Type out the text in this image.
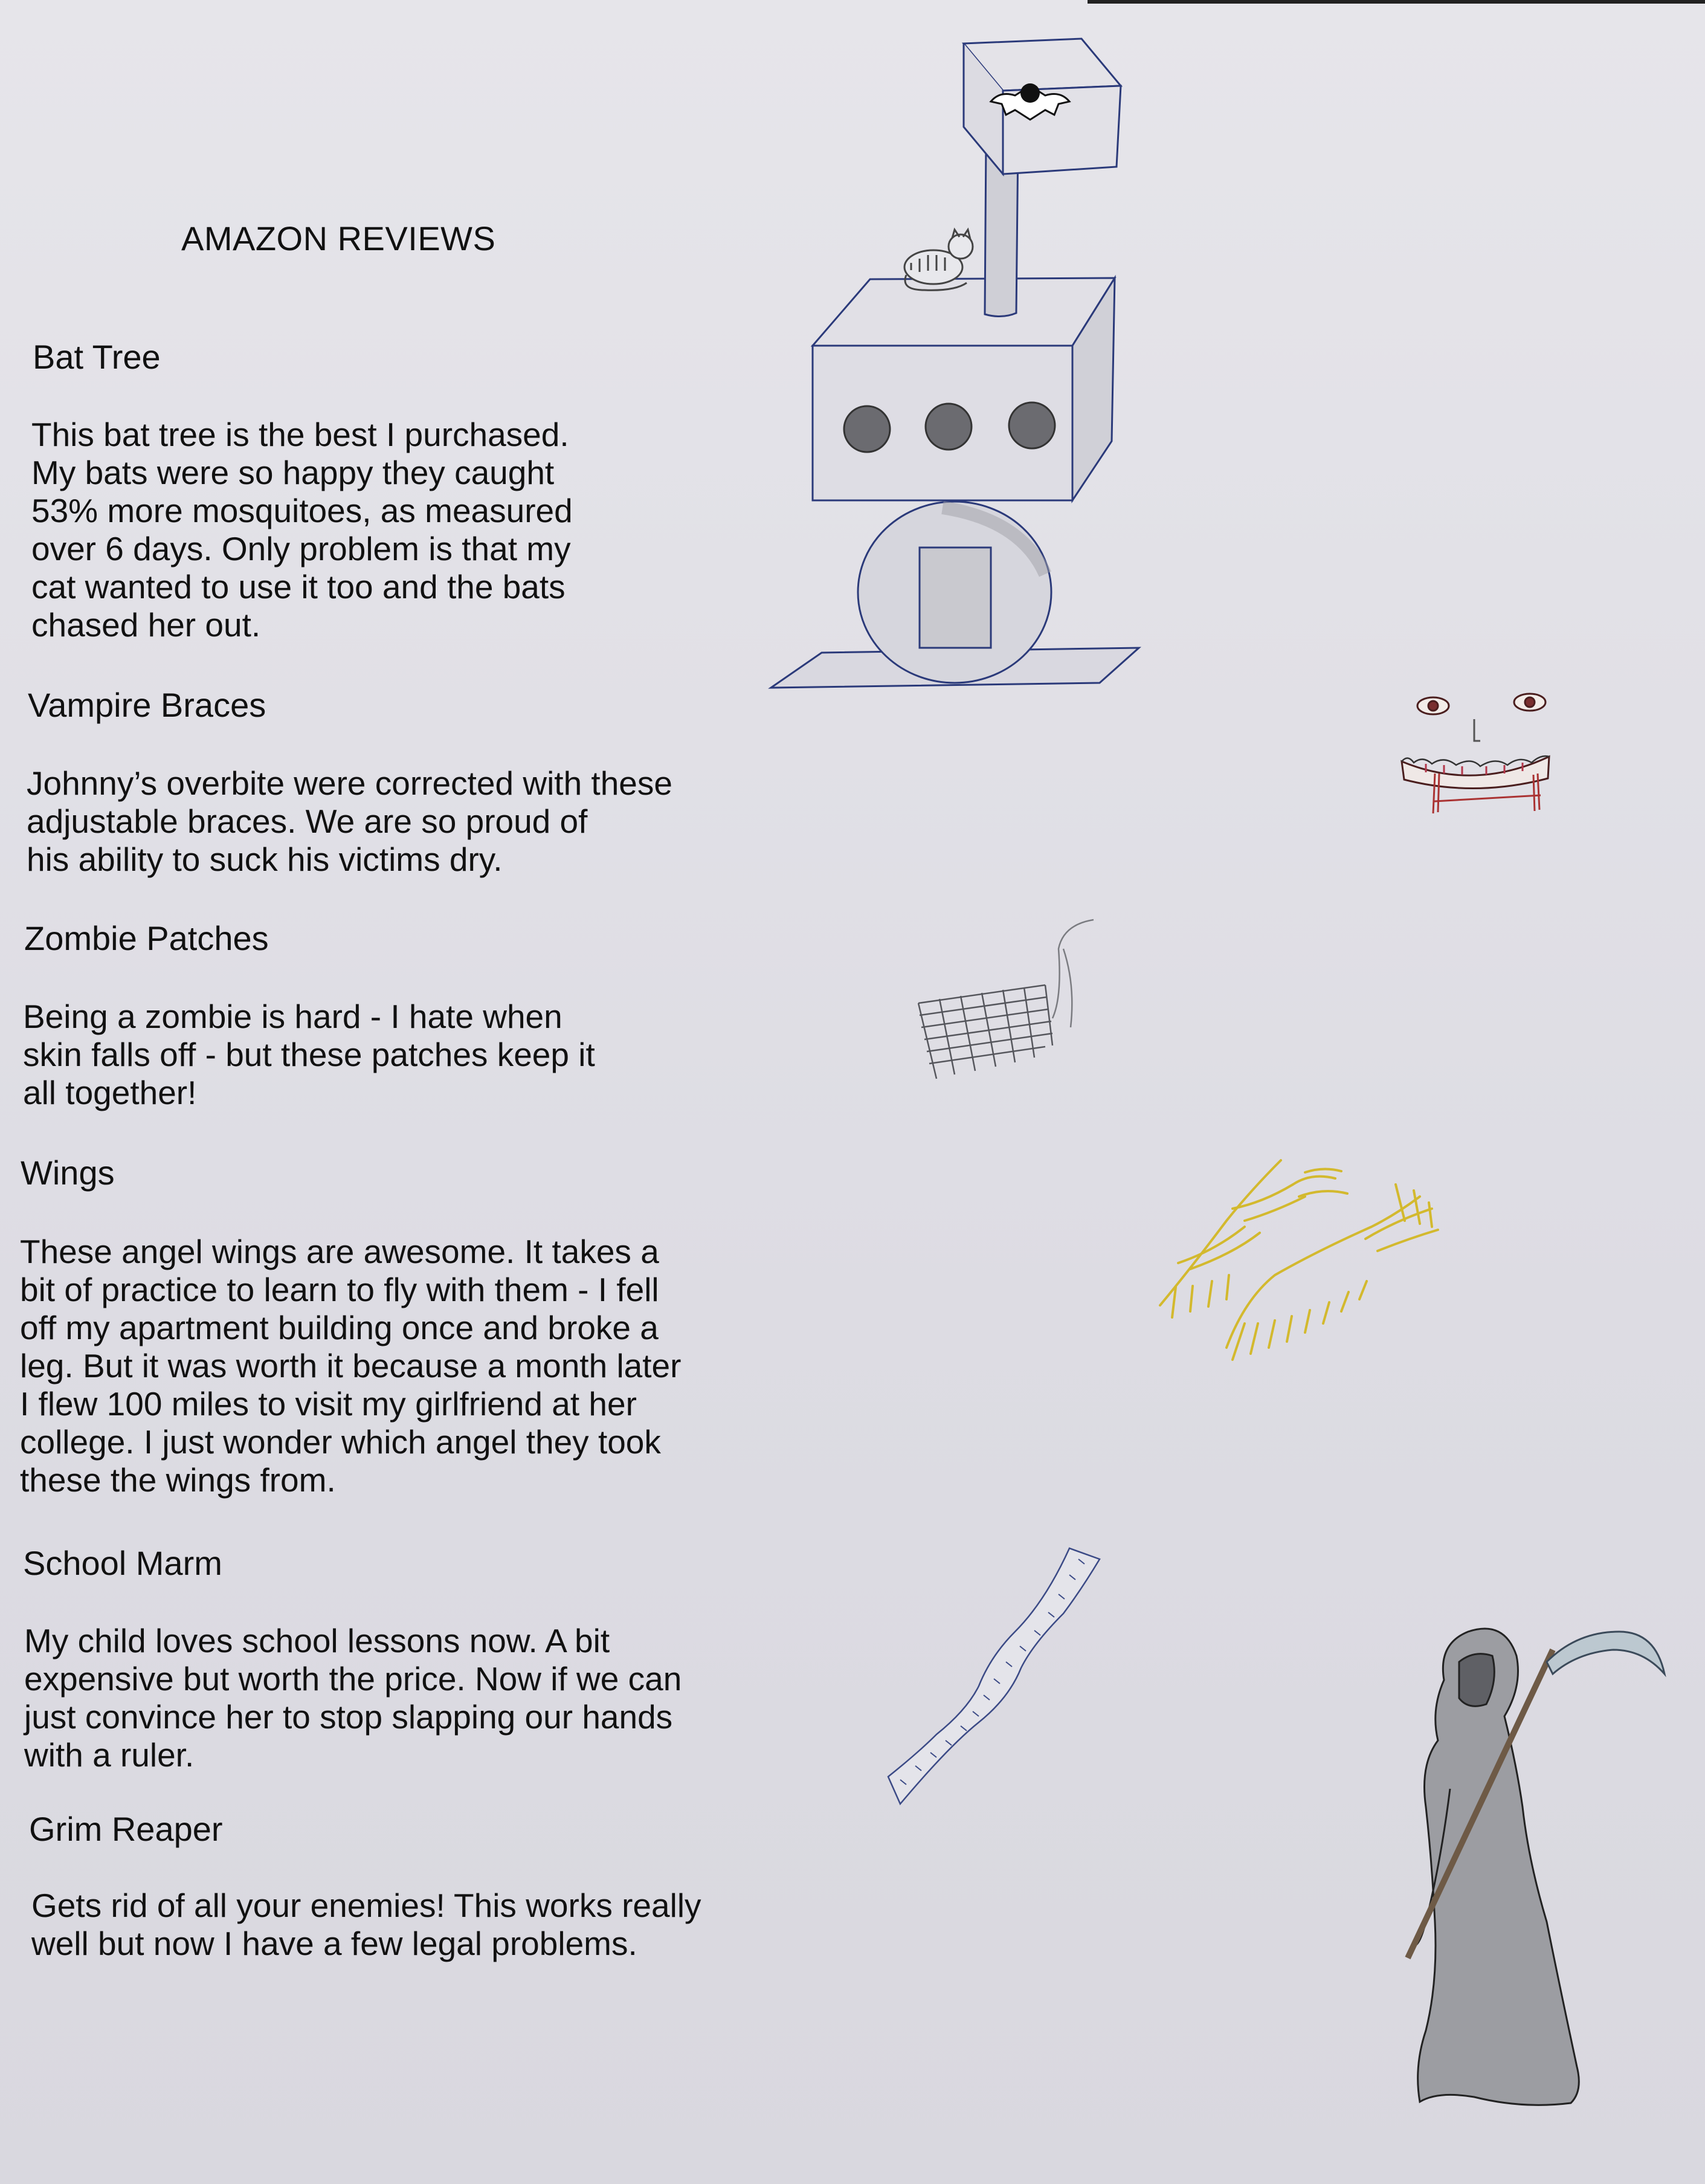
AMAZON REVIEWS
Bat Tree
This bat tree is the best I purchased.
My bats were so happy they caught
53% more mosquitoes, as measured
over 6 days. Only problem is that my
cat wanted to use it too and the bats
chased her out.
Vampire Braces
Johnny’s overbite were corrected with these
adjustable braces. We are so proud of
his ability to suck his victims dry.
Zombie Patches
Being a zombie is hard - I hate when
skin falls off - but these patches keep it
all together!
Wings
These angel wings are awesome. It takes a
bit of practice to learn to fly with them - I fell
off my apartment building once and broke a
leg. But it was worth it because a month later
I flew 100 miles to visit my girlfriend at her
college. I just wonder which angel they took
these the wings from.
School Marm
My child loves school lessons now. A bit
expensive but worth the price. Now if we can
just convince her to stop slapping our hands
with a ruler.
Grim Reaper
Gets rid of all your enemies! This works really
well but now I have a few legal problems.
